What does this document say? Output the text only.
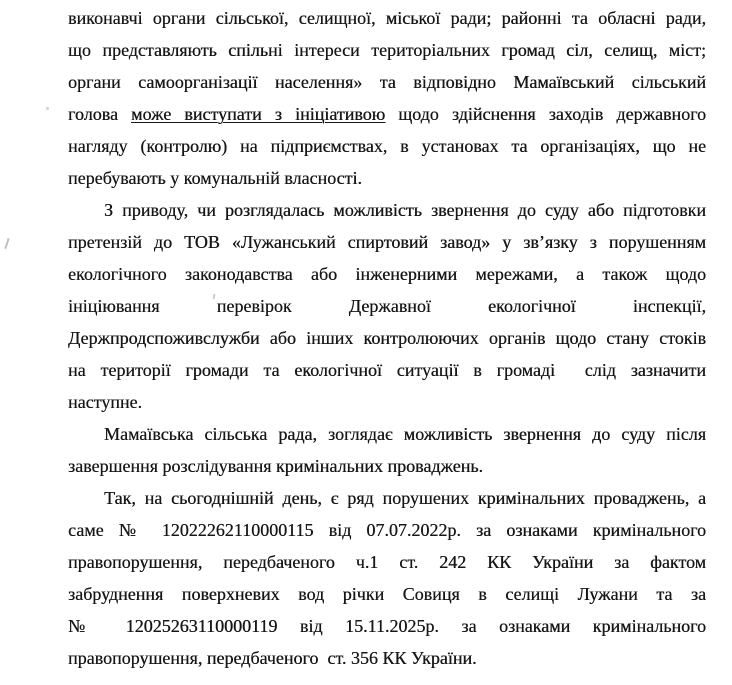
виконавчі органи сільської, селищної, міської ради; районні та обласні ради,
що представляють спільні інтереси територіальних громад сіл, селищ, міст;
органи самоорганізації населення» та відповідно Мамаївський сільський
голова може виступати з ініціативою щодо здійснення заходів державного
нагляду (контролю) на підприємствах, в установах та організаціях, що не
перебувають у комунальній власності.
З приводу, чи розглядалась можливість звернення до суду або підготовки
претензій до ТОВ «Лужанський спиртовий завод» у зв’язку з порушенням
екологічного законодавства або інженерними мережами, а також щодо
ініціювання перевірок Державної екологічної інспекції,
Держпродспоживслужби або інших контролюючих органів щодо стану стоків
на території громади та екологічної ситуації в громаді  слід зазначити
наступне.
Мамаївська сільська рада, зоглядає можливість звернення до суду після
завершення розслідування кримінальних проваджень.
Так, на сьогоднішній день, є ряд порушених кримінальних проваджень, а
саме № 12022262110000115 від 07.07.2022р. за ознаками кримінального
правопорушення, передбаченого ч.1 ст. 242 КК України за фактом
забруднення поверхневих вод річки Совиця в селищі Лужани та за
№ 12025263110000119 від 15.11.2025р. за ознаками кримінального
правопорушення, передбаченого  ст. 356 КК України.
